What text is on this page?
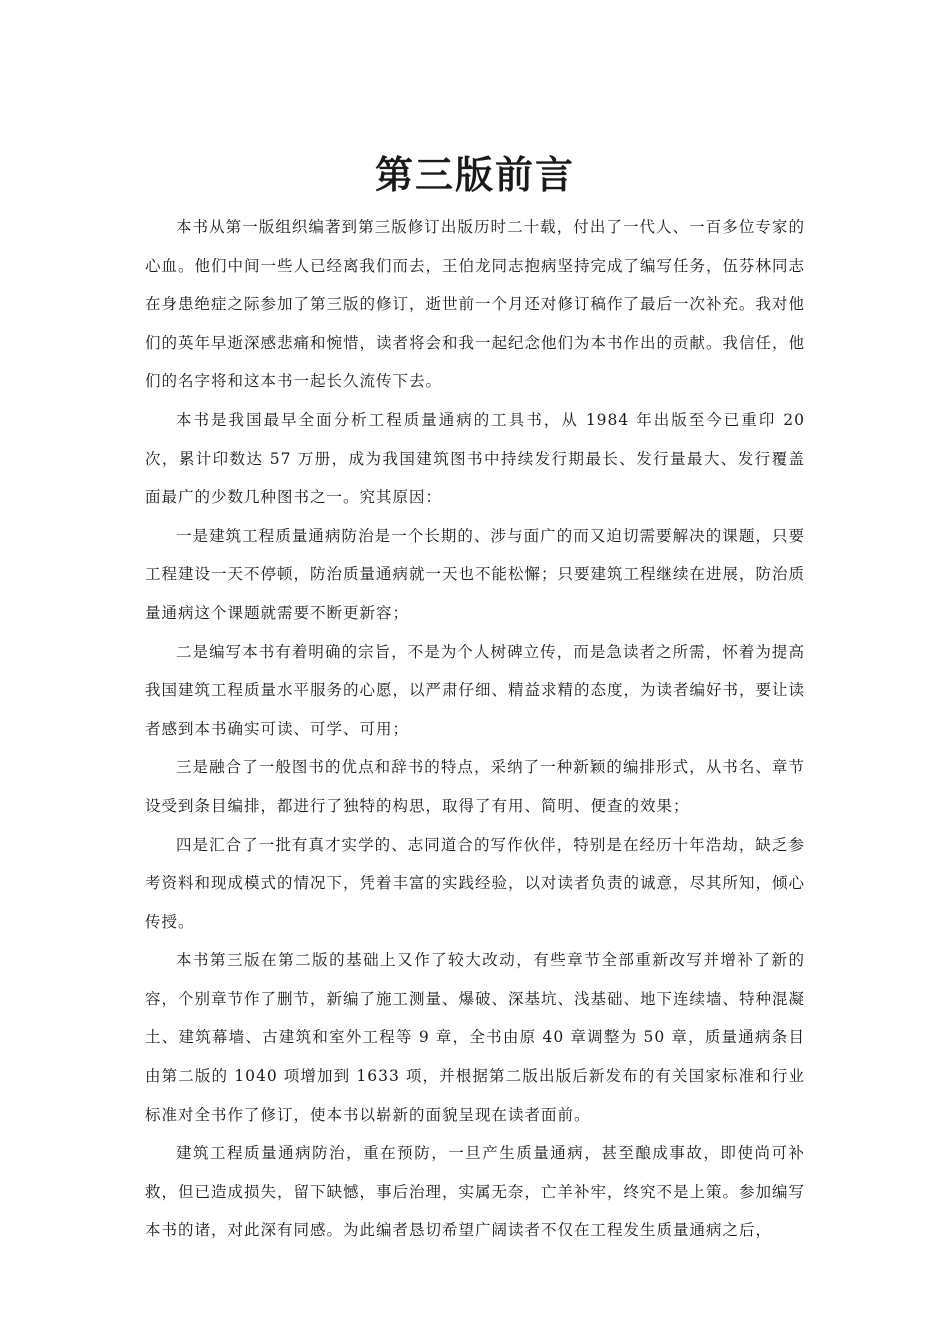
第三版前言

本书从第一版组织编著到第三版修订出版历时二十载，付出了一代人、一百多位专家的心血。他们中间一些人已经离我们而去，王伯龙同志抱病坚持完成了编写任务，伍芬林同志在身患绝症之际参加了第三版的修订，逝世前一个月还对修订稿作了最后一次补充。我对他们的英年早逝深感悲痛和惋惜，读者将会和我一起纪念他们为本书作出的贡献。我信任，他们的名字将和这本书一起长久流传下去。

本书是我国最早全面分析工程质量通病的工具书，从 1984 年出版至今已重印 20 次，累计印数达 57 万册，成为我国建筑图书中持续发行期最长、发行量最大、发行覆盖面最广的少数几种图书之一。究其原因：

一是建筑工程质量通病防治是一个长期的、涉与面广的而又迫切需要解决的课题，只要工程建设一天不停顿，防治质量通病就一天也不能松懈；只要建筑工程继续在进展，防治质量通病这个课题就需要不断更新容；

二是编写本书有着明确的宗旨，不是为个人树碑立传，而是急读者之所需，怀着为提高我国建筑工程质量水平服务的心愿，以严肃仔细、精益求精的态度，为读者编好书，要让读者感到本书确实可读、可学、可用；

三是融合了一般图书的优点和辞书的特点，采纳了一种新颖的编排形式，从书名、章节设受到条目编排，都进行了独特的构思，取得了有用、简明、便查的效果；

四是汇合了一批有真才实学的、志同道合的写作伙伴，特别是在经历十年浩劫，缺乏参考资料和现成模式的情况下，凭着丰富的实践经验，以对读者负责的诚意，尽其所知，倾心传授。

本书第三版在第二版的基础上又作了较大改动，有些章节全部重新改写并增补了新的容，个别章节作了删节，新编了施工测量、爆破、深基坑、浅基础、地下连续墙、特种混凝土、建筑幕墙、古建筑和室外工程等 9 章，全书由原 40 章调整为 50 章，质量通病条目由第二版的 1040 项增加到 1633 项，并根据第二版出版后新发布的有关国家标准和行业标准对全书作了修订，使本书以崭新的面貌呈现在读者面前。

建筑工程质量通病防治，重在预防，一旦产生质量通病，甚至酿成事故，即使尚可补救，但已造成损失，留下缺憾，事后治理，实属无奈，亡羊补牢，终究不是上策。参加编写本书的诸，对此深有同感。为此编者恳切希望广阔读者不仅在工程发生质量通病之后，
